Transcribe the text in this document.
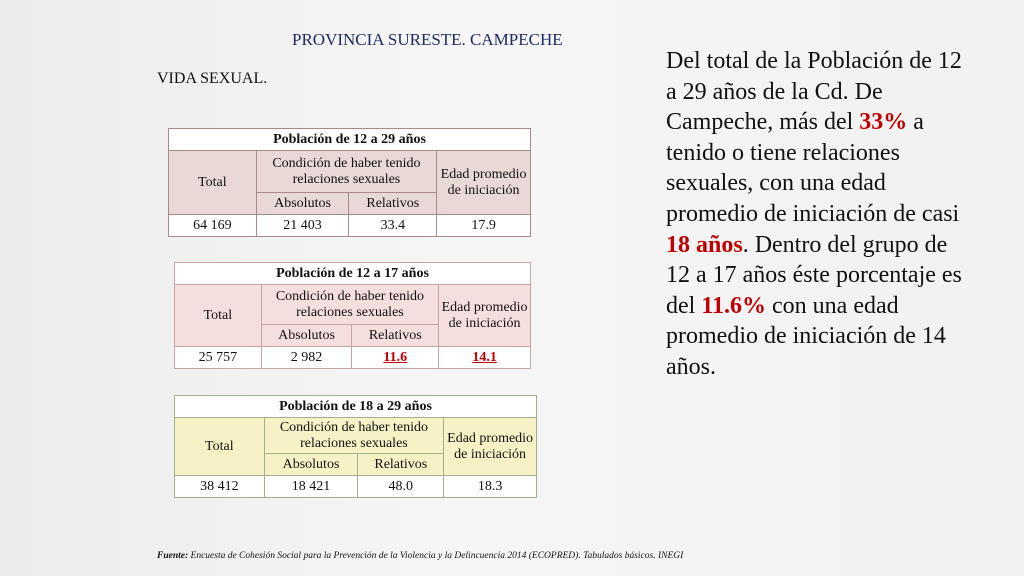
PROVINCIA SURESTE. CAMPECHE
VIDA SEXUAL.
Población de 12 a 29 años			
Total	Condición de haber tenido relaciones sexuales		Edad promedio de iniciación
	Absolutos	Relativos	
64 169	21 403	33.4	17.9
Población de 12 a 17 años			
Total	Condición de haber tenido relaciones sexuales		Edad promedio de iniciación
	Absolutos	Relativos	
25 757	2 982	11.6	14.1
Población de 18 a 29 años			
Total	Condición de haber tenido relaciones sexuales		Edad promedio de iniciación
	Absolutos	Relativos	
38 412	18 421	48.0	18.3
Del total de la Población de 12 a 29 años de la Cd. De Campeche, más del 33% a tenido o tiene relaciones sexuales, con una edad promedio de iniciación de casi 18 años. Dentro del grupo de 12 a 17 años éste porcentaje es del 11.6% con una edad promedio de iniciación de 14 años.
Fuente: Encuesta de Cohesión Social para la Prevención de la Violencia y la Delincuencia 2014 (ECOPRED). Tabulados básicos. INEGI
